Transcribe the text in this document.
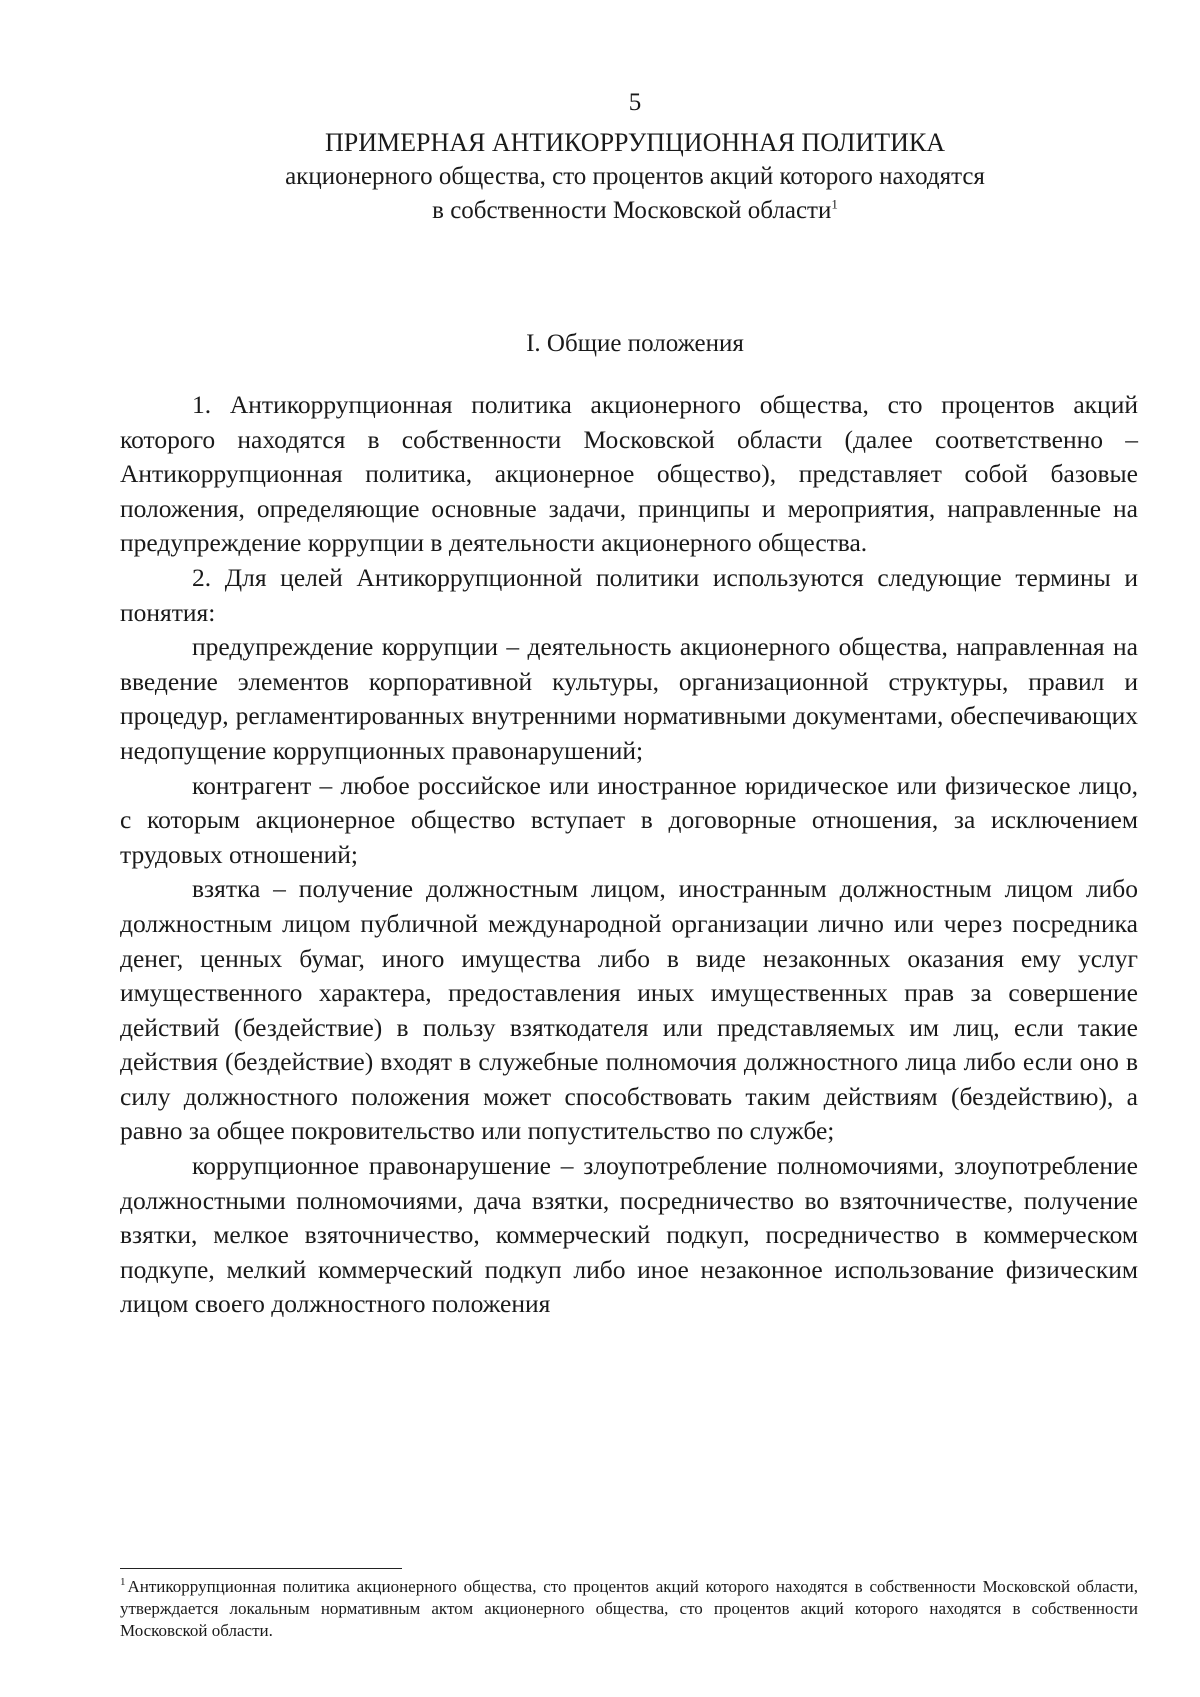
5
ПРИМЕРНАЯ АНТИКОРРУПЦИОННАЯ ПОЛИТИКА
акционерного общества, сто процентов акций которого находятся
в собственности Московской области$^1$
I. Общие положения

1. Антикоррупционная политика акционерного общества, сто процентов акций которого находятся в собственности Московской области (далее соответственно – Антикоррупционная политика, акционерное общество), представляет собой базовые положения, определяющие основные задачи, принципы и мероприятия, направленные на предупреждение коррупции в деятельности акционерного общества.

2. Для целей Антикоррупционной политики используются следующие термины и понятия:

предупреждение коррупции – деятельность акционерного общества, направленная на введение элементов корпоративной культуры, организационной структуры, правил и процедур, регламентированных внутренними нормативными документами, обеспечивающих недопущение коррупционных правонарушений;

контрагент – любое российское или иностранное юридическое или физическое лицо, с которым акционерное общество вступает в договорные отношения, за исключением трудовых отношений;

взятка – получение должностным лицом, иностранным должностным лицом либо должностным лицом публичной международной организации лично или через посредника денег, ценных бумаг, иного имущества либо в виде незаконных оказания ему услуг имущественного характера, предоставления иных имущественных прав за совершение действий (бездействие) в пользу взяткодателя или представляемых им лиц, если такие действия (бездействие) входят в служебные полномочия должностного лица либо если оно в силу должностного положения может способствовать таким действиям (бездействию), а равно за общее покровительство или попустительство по службе;

коррупционное правонарушение – злоупотребление полномочиями, злоупотребление должностными полномочиями, дача взятки, посредничество во взяточничестве, получение взятки, мелкое взяточничество, коммерческий подкуп, посредничество в коммерческом подкупе, мелкий коммерческий подкуп либо иное незаконное использование физическим лицом своего должностного положения

$^1$ Антикоррупционная политика акционерного общества, сто процентов акций которого находятся в собственности Московской области, утверждается локальным нормативным актом акционерного общества, сто процентов акций которого находятся в собственности Московской области.
